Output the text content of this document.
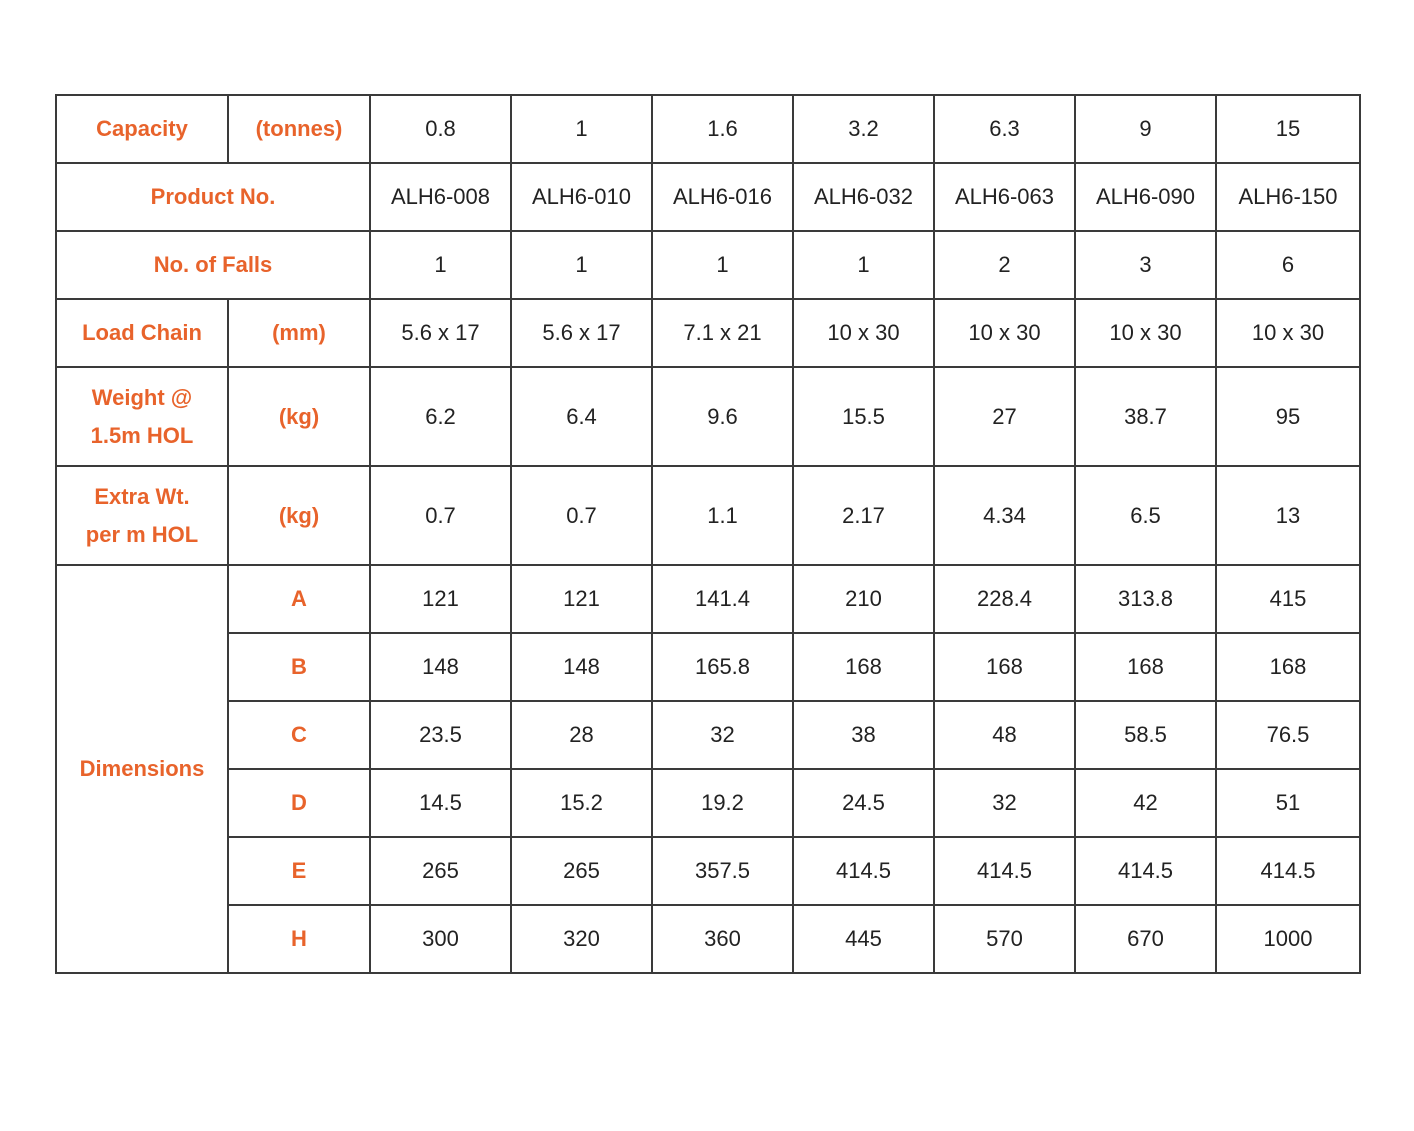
Capacity	(tonnes)	0.8	1	1.6	3.2	6.3	9	15
Product No.		ALH6-008	ALH6-010	ALH6-016	ALH6-032	ALH6-063	ALH6-090	ALH6-150
No. of Falls		1	1	1	1	2	3	6
Load Chain	(mm)	5.6 x 17	5.6 x 17	7.1 x 21	10 x 30	10 x 30	10 x 30	10 x 30
Weight @
1.5m HOL	(kg)	6.2	6.4	9.6	15.5	27	38.7	95
Extra Wt.
per m HOL	(kg)	0.7	0.7	1.1	2.17	4.34	6.5	13
Dimensions	A	121	121	141.4	210	228.4	313.8	415
	B	148	148	165.8	168	168	168	168
	C	23.5	28	32	38	48	58.5	76.5
	D	14.5	15.2	19.2	24.5	32	42	51
	E	265	265	357.5	414.5	414.5	414.5	414.5
	H	300	320	360	445	570	670	1000
